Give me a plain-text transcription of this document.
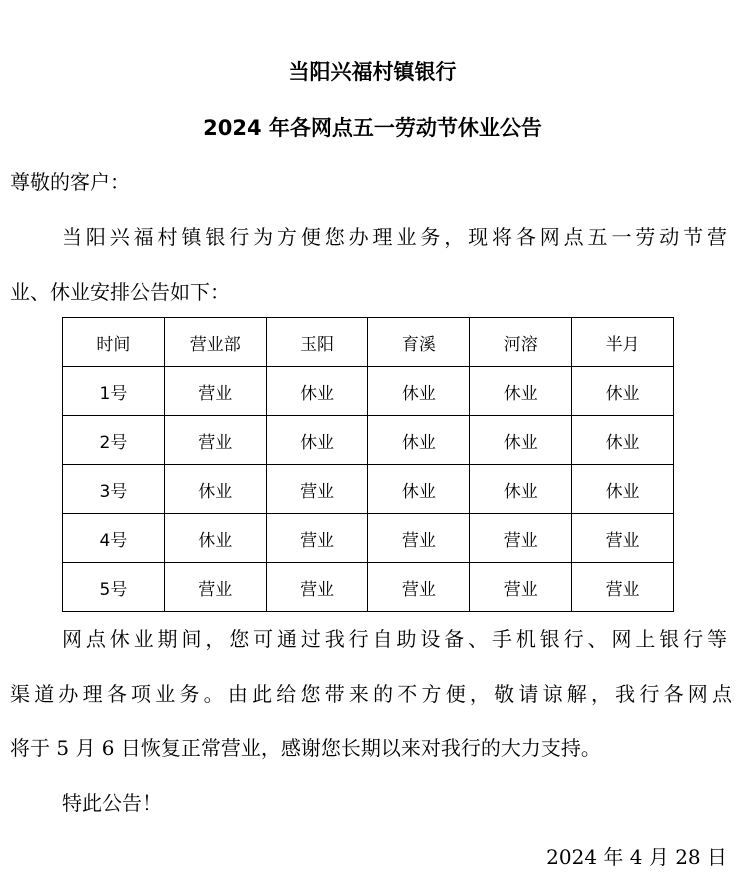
当阳兴福村镇银行
2024 年各网点五一劳动节休业公告
尊敬的客户：
当阳兴福村镇银行为方便您办理业务，现将各网点五一劳动节营
业、休业安排公告如下：
时间	营业部	玉阳	育溪	河溶	半月
1号	营业	休业	休业	休业	休业
2号	营业	休业	休业	休业	休业
3号	休业	营业	休业	休业	休业
4号	休业	营业	营业	营业	营业
5号	营业	营业	营业	营业	营业
网点休业期间，您可通过我行自助设备、手机银行、网上银行等
渠道办理各项业务。由此给您带来的不方便，敬请谅解，我行各网点
将于 5 月 6 日恢复正常营业，感谢您长期以来对我行的大力支持。
特此公告！
2024 年 4 月 28 日
